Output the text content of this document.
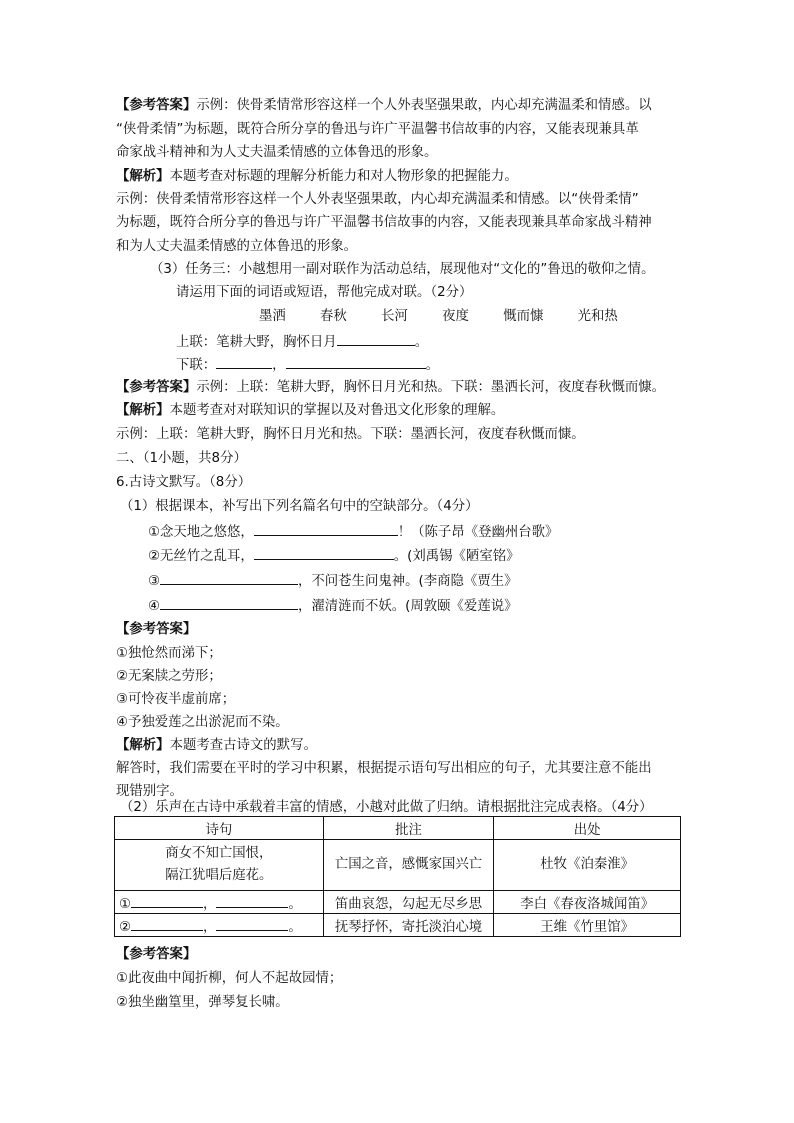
【参考答案】示例：侠骨柔情常形容这样一个人外表坚强果敢，内心却充满温柔和情感。以
“侠骨柔情”为标题，既符合所分享的鲁迅与许广平温馨书信故事的内容，又能表现兼具革
命家战斗精神和为人丈夫温柔情感的立体鲁迅的形象。
【解析】本题考查对标题的理解分析能力和对人物形象的把握能力。
示例：侠骨柔情常形容这样一个人外表坚强果敢，内心却充满温柔和情感。以“侠骨柔情”
为标题，既符合所分享的鲁迅与许广平温馨书信故事的内容，又能表现兼具革命家战斗精神
和为人丈夫温柔情感的立体鲁迅的形象。
（3）任务三：小越想用一副对联作为活动总结，展现他对“文化的”鲁迅的敬仰之情。
请运用下面的词语或短语，帮他完成对联。（2分）
墨洒	春秋	长河	夜度	慨而慷	光和热
上联：笔耕大野，胸怀日月	。
下联：	，	。
【参考答案】示例：上联：笔耕大野，胸怀日月光和热。下联：墨洒长河，夜度春秋慨而慷。
【解析】本题考查对对联知识的掌握以及对鲁迅文化形象的理解。
示例：上联：笔耕大野，胸怀日月光和热。下联：墨洒长河，夜度春秋慨而慷。
二、（1小题，共8分）
6.古诗文默写。（8分）
（1）根据课本，补写出下列名篇名句中的空缺部分。（4分）
①念天地之悠悠，	！（陈子昂《登幽州台歌》
②无丝竹之乱耳，	。(刘禹锡《陋室铭》
③	，不问苍生问鬼神。(李商隐《贾生》
④	，濯清涟而不妖。(周敦颐《爱莲说》
【参考答案】
①独怆然而涕下；
②无案牍之劳形；
③可怜夜半虚前席；
④予独爱莲之出淤泥而不染。
【解析】本题考查古诗文的默写。
解答时，我们需要在平时的学习中积累，根据提示语句写出相应的句子，尤其要注意不能出
现错别字。
（2）乐声在古诗中承载着丰富的情感，小越对此做了归纳。请根据批注完成表格。（4分）
诗句	批注	出处
商女不知亡国恨，
隔江犹唱后庭花。	亡国之音，感慨家国兴亡	杜牧《泊秦淮》
① ， 。	笛曲哀怨，勾起无尽乡思	李白《春夜洛城闻笛》
② ， 。	抚琴抒怀，寄托淡泊心境	王维《竹里馆》
【参考答案】
①此夜曲中闻折柳，何人不起故园情；
②独坐幽篁里，弹琴复长啸。
